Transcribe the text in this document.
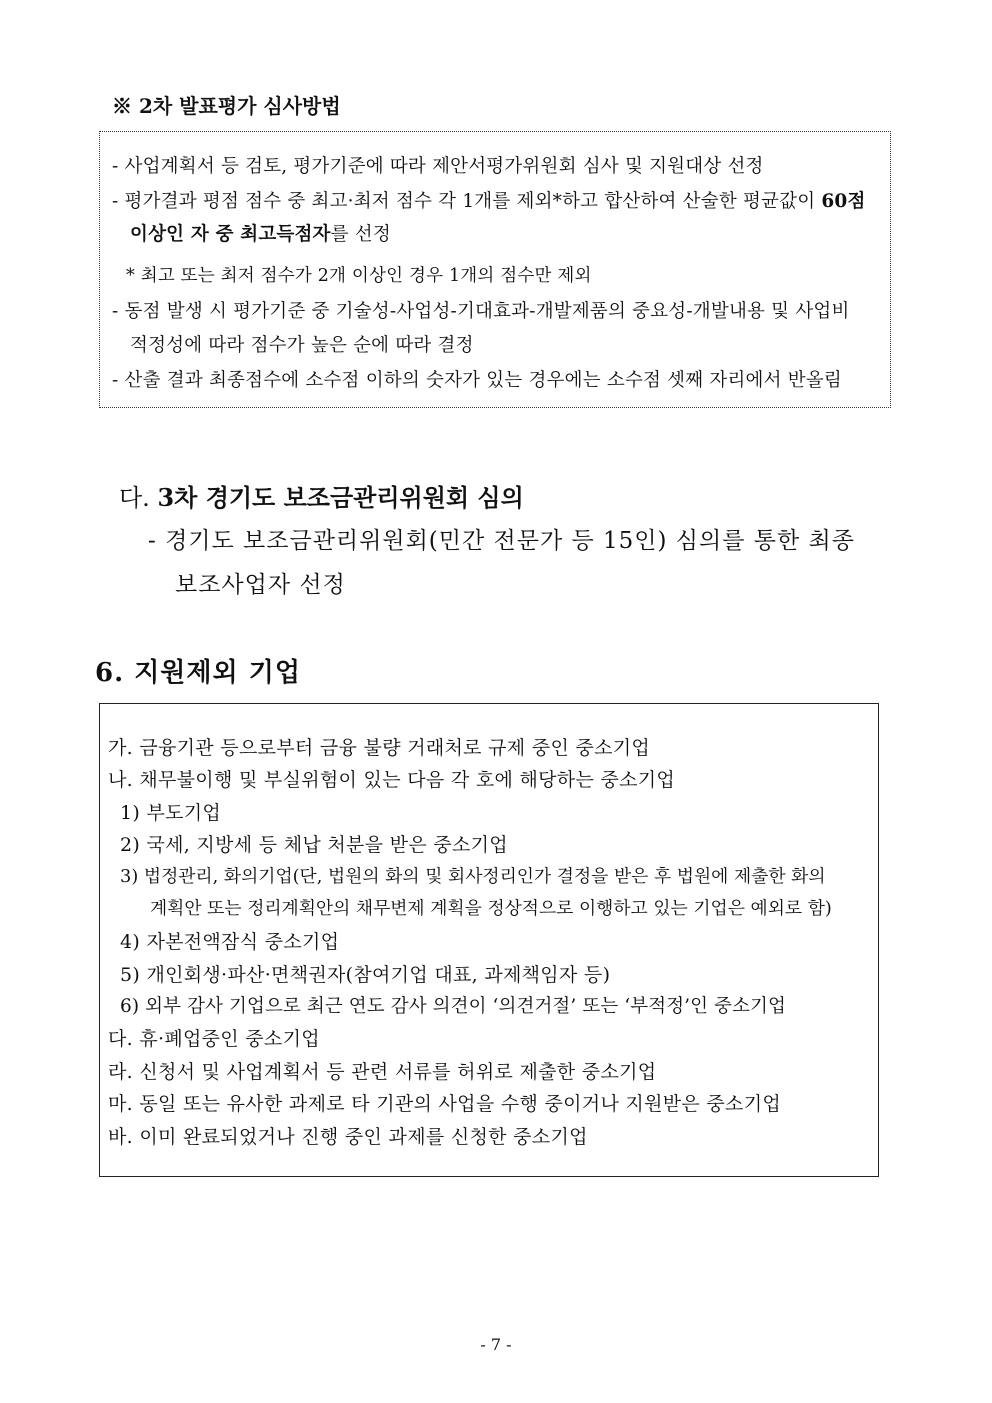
※ 2차 발표평가 심사방법
- 사업계획서 등 검토, 평가기준에 따라 제안서평가위원회 심사 및 지원대상 선정
- 평가결과 평점 점수 중 최고·최저 점수 각 1개를 제외*하고 합산하여 산술한 평균값이 60점
이상인 자 중 최고득점자를 선정
* 최고 또는 최저 점수가 2개 이상인 경우 1개의 점수만 제외
- 동점 발생 시 평가기준 중 기술성-사업성-기대효과-개발제품의 중요성-개발내용 및 사업비
적정성에 따라 점수가 높은 순에 따라 결정
- 산출 결과 최종점수에 소수점 이하의 숫자가 있는 경우에는 소수점 셋째 자리에서 반올림
다. 3차 경기도 보조금관리위원회 심의
- 경기도 보조금관리위원회(민간 전문가 등 15인) 심의를 통한 최종
보조사업자 선정
6. 지원제외 기업
가. 금융기관 등으로부터 금융 불량 거래처로 규제 중인 중소기업
나. 채무불이행 및 부실위험이 있는 다음 각 호에 해당하는 중소기업
1) 부도기업
2) 국세, 지방세 등 체납 처분을 받은 중소기업
3) 법정관리, 화의기업(단, 법원의 화의 및 회사정리인가 결정을 받은 후 법원에 제출한 화의
계획안 또는 정리계획안의 채무변제 계획을 정상적으로 이행하고 있는 기업은 예외로 함)
4) 자본전액잠식 중소기업
5) 개인회생·파산·면책권자(참여기업 대표, 과제책임자 등)
6) 외부 감사 기업으로 최근 연도 감사 의견이 ‘의견거절’ 또는 ‘부적정’인 중소기업
다. 휴·폐업중인 중소기업
라. 신청서 및 사업계획서 등 관련 서류를 허위로 제출한 중소기업
마. 동일 또는 유사한 과제로 타 기관의 사업을 수행 중이거나 지원받은 중소기업
바. 이미 완료되었거나 진행 중인 과제를 신청한 중소기업
- 7 -
